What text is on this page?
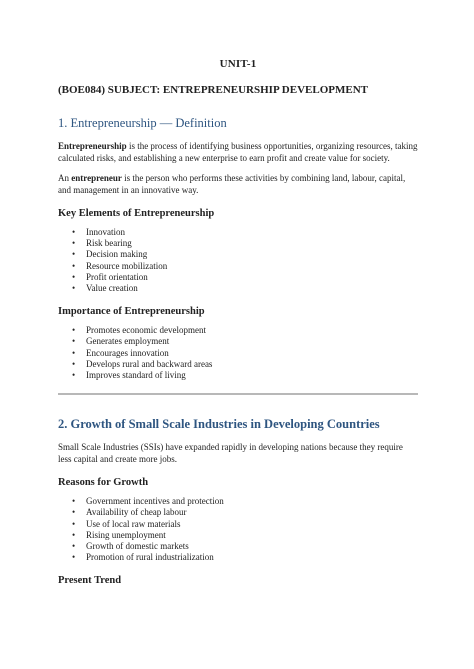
UNIT-1
(BOE084) SUBJECT: ENTREPRENEURSHIP DEVELOPMENT
1. Entrepreneurship — Definition

Entrepreneurship is the process of identifying business opportunities, organizing resources, taking calculated risks, and establishing a new enterprise to earn profit and create value for society.

An entrepreneur is the person who performs these activities by combining land, labour, capital, and management in an innovative way.

Key Elements of Entrepreneurship
• Innovation
• Risk bearing
• Decision making
• Resource mobilization
• Profit orientation
• Value creation
Importance of Entrepreneurship
• Promotes economic development
• Generates employment
• Encourages innovation
• Develops rural and backward areas
• Improves standard of living
2. Growth of Small Scale Industries in Developing Countries

Small Scale Industries (SSIs) have expanded rapidly in developing nations because they require less capital and create more jobs.

Reasons for Growth
• Government incentives and protection
• Availability of cheap labour
• Use of local raw materials
• Rising unemployment
• Growth of domestic markets
• Promotion of rural industrialization
Present Trend
